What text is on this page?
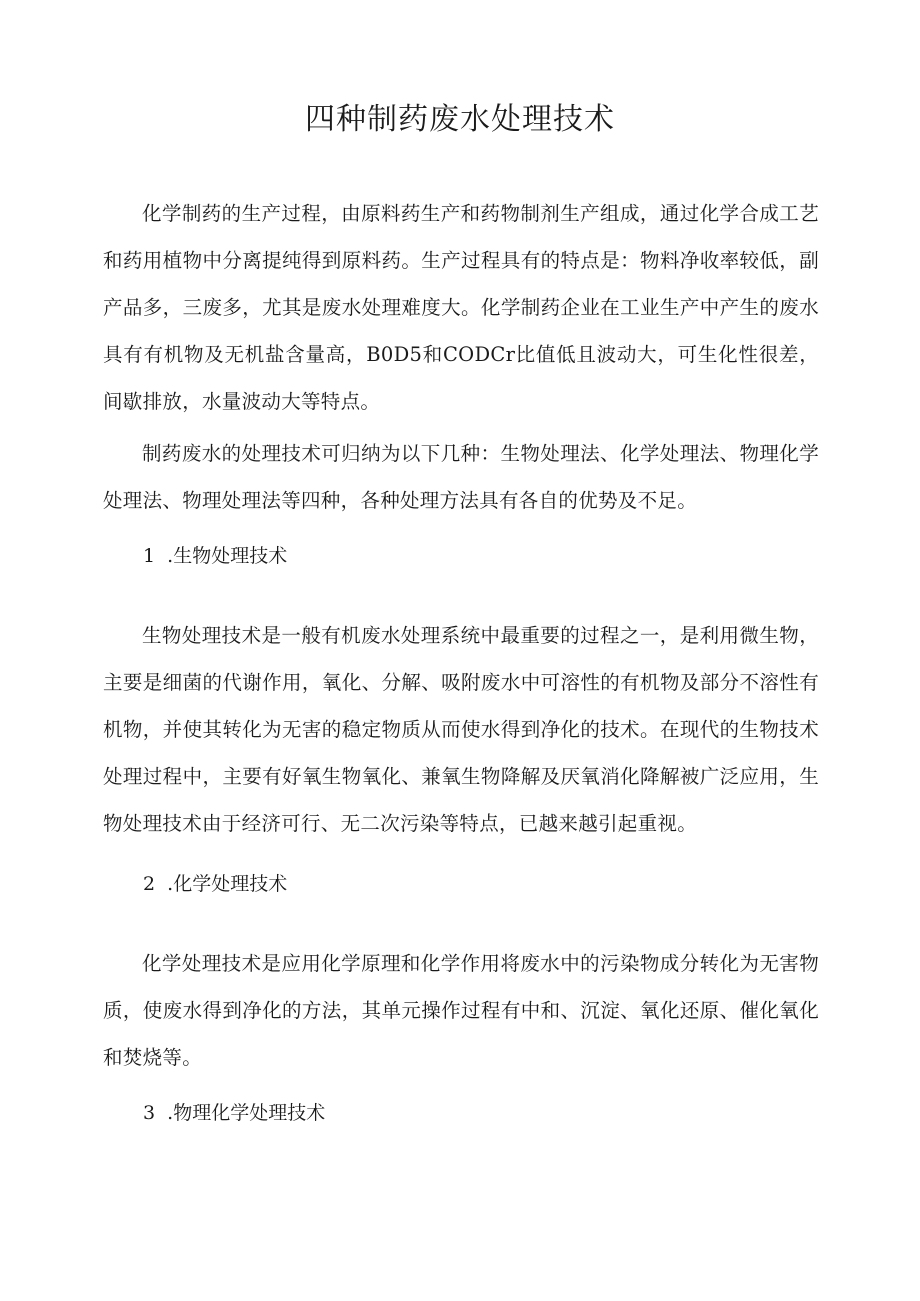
四种制药废水处理技术

化学制药的生产过程，由原料药生产和药物制剂生产组成，通过化学合成工艺和药用植物中分离提纯得到原料药。生产过程具有的特点是：物料净收率较低，副产品多，三废多，尤其是废水处理难度大。化学制药企业在工业生产中产生的废水具有有机物及无机盐含量高，B0D5和CODCr比值低且波动大，可生化性很差，间歇排放，水量波动大等特点。

制药废水的处理技术可归纳为以下几种：生物处理法、化学处理法、物理化学处理法、物理处理法等四种，各种处理方法具有各自的优势及不足。

1  .生物处理技术

生物处理技术是一般有机废水处理系统中最重要的过程之一，是利用微生物，主要是细菌的代谢作用，氧化、分解、吸附废水中可溶性的有机物及部分不溶性有机物，并使其转化为无害的稳定物质从而使水得到净化的技术。在现代的生物技术处理过程中，主要有好氧生物氧化、兼氧生物降解及厌氧消化降解被广泛应用，生物处理技术由于经济可行、无二次污染等特点，已越来越引起重视。

2  .化学处理技术

化学处理技术是应用化学原理和化学作用将废水中的污染物成分转化为无害物质，使废水得到净化的方法，其单元操作过程有中和、沉淀、氧化还原、催化氧化和焚烧等。

3  .物理化学处理技术
